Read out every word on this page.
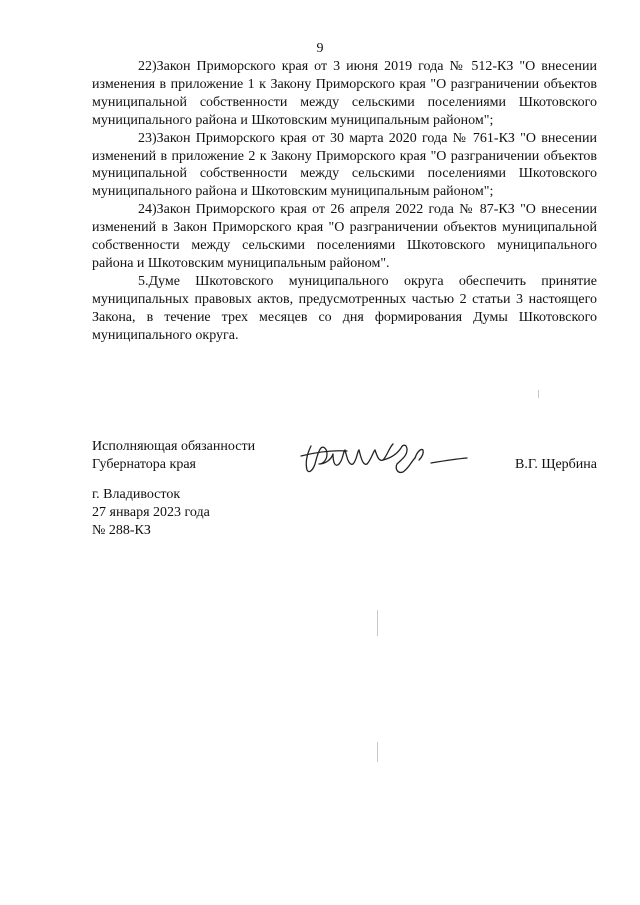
9

22)Закон Приморского края от 3 июня 2019 года № 512-КЗ "О внесении изменения в приложение 1 к Закону Приморского края "О разграничении объектов муниципальной собственности между сельскими поселениями Шкотовского муниципального района и Шкотовским муниципальным районом";

23)Закон Приморского края от 30 марта 2020 года № 761-КЗ "О внесении изменений в приложение 2 к Закону Приморского края "О разграничении объектов муниципальной собственности между сельскими поселениями Шкотовского муниципального района и Шкотовским муниципальным районом";

24)Закон Приморского края от 26 апреля 2022 года № 87-КЗ "О внесении изменений в Закон Приморского края "О разграничении объектов муниципальной собственности между сельскими поселениями Шкотовского муниципального района и Шкотовским муниципальным районом".

5.Думе Шкотовского муниципального округа обеспечить принятие муниципальных правовых актов, предусмотренных частью 2 статьи 3 настоящего Закона, в течение трех месяцев со дня формирования Думы Шкотовского муниципального округа.

Исполняющая обязанности
Губернатора края	В.Г. Щербина
г. Владивосток
27 января 2023 года
№ 288-КЗ
